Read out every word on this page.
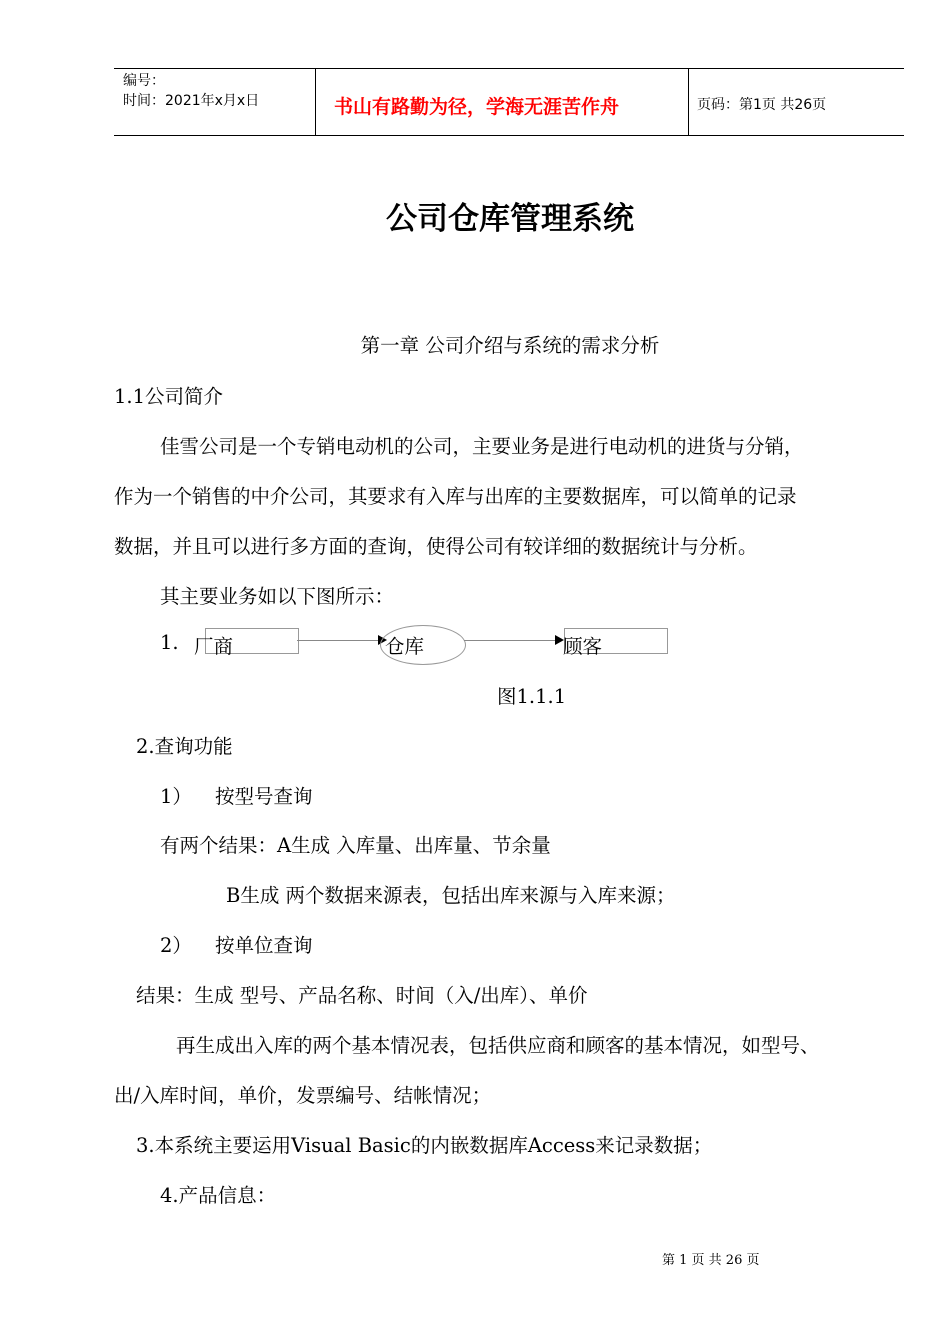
编号：
时间：2021年x月x日	书山有路勤为径，学海无涯苦作舟	页码：第1页 共26页
公司仓库管理系统
第一章 公司介绍与系统的需求分析
1.1公司简介
佳雪公司是一个专销电动机的公司，主要业务是进行电动机的进货与分销，
作为一个销售的中介公司，其要求有入库与出库的主要数据库，可以简单的记录
数据，并且可以进行多方面的查询，使得公司有较详细的数据统计与分析。
其主要业务如以下图所示：
1. 厂商	仓库	顾客
图1.1.1
2.查询功能
1） 按型号查询
有两个结果：A生成 入库量、出库量、节余量
B生成 两个数据来源表，包括出库来源与入库来源；
2） 按单位查询
结果：生成 型号、产品名称、时间（入/出库）、单价
再生成出入库的两个基本情况表，包括供应商和顾客的基本情况，如型号、
出/入库时间，单价，发票编号、结帐情况；
3.本系统主要运用Visual Basic的内嵌数据库Access来记录数据；
4.产品信息：
第 1 页 共 26 页
